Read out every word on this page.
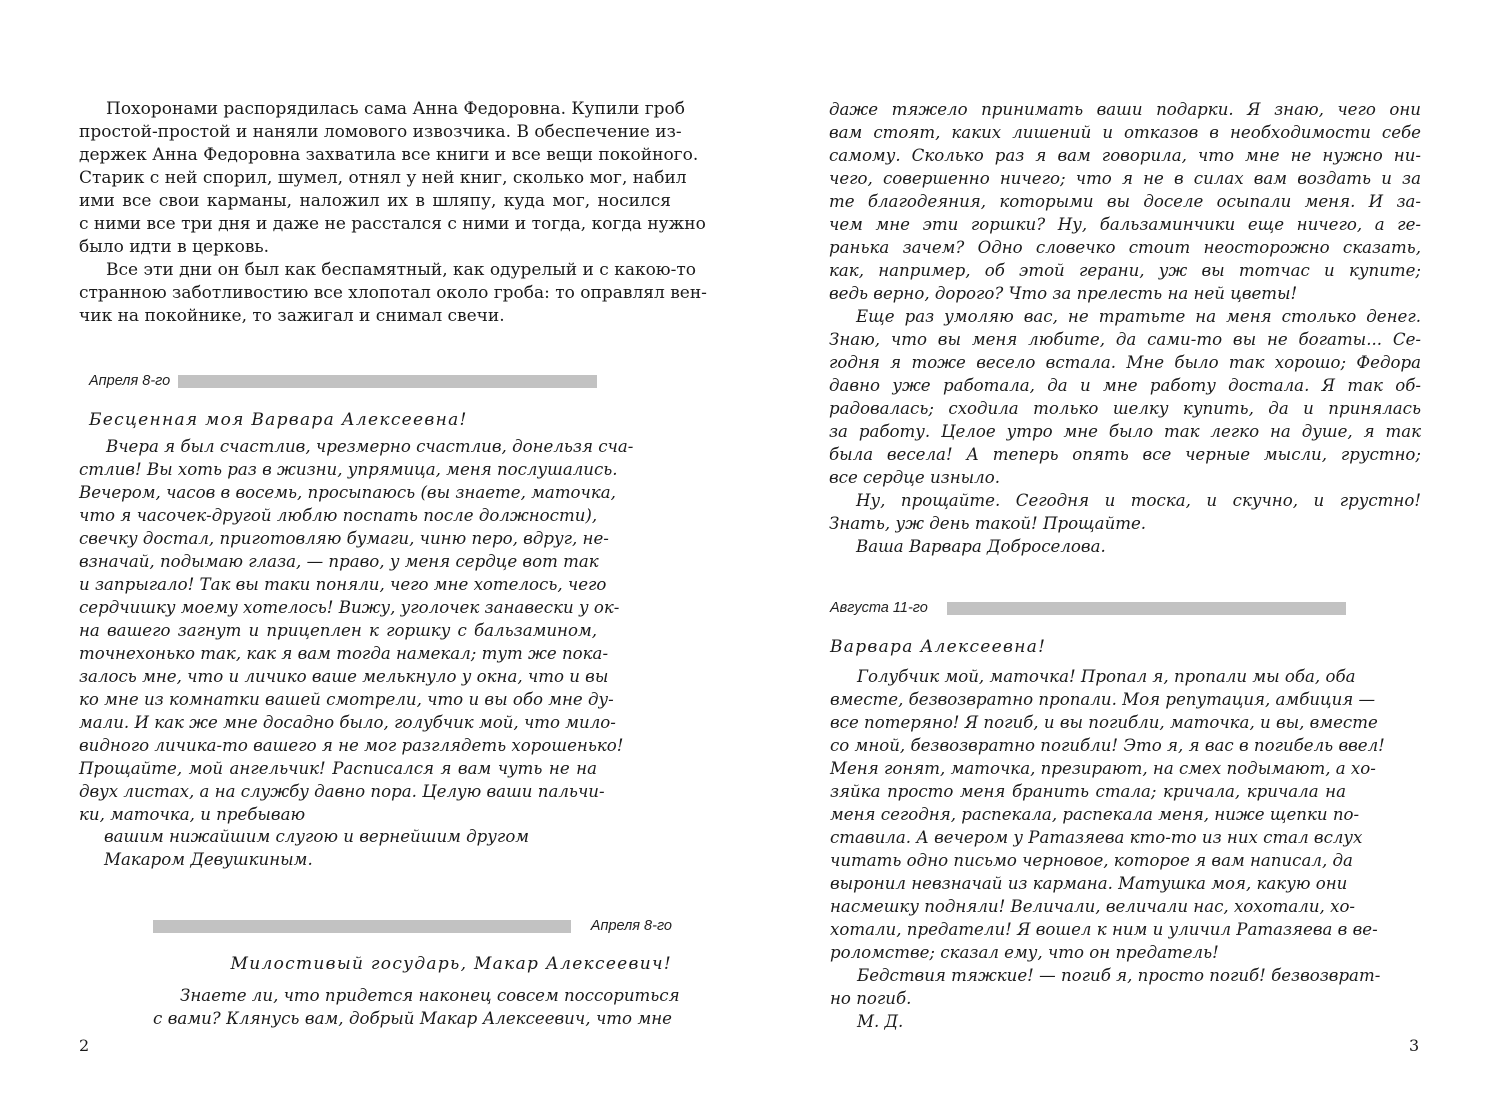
Похоронами распорядилась сама Анна Федоровна. Купили гроб
простой-простой и наняли ломового извозчика. В обеспечение из-
держек Анна Федоровна захватила все книги и все вещи покойного.
Старик с ней спорил, шумел, отнял у ней книг, сколько мог, набил
ими все свои карманы, наложил их в шляпу, куда мог, носился
с ними все три дня и даже не расстался с ними и тогда, когда нужно
было идти в церковь.
Все эти дни он был как беспамятный, как одурелый и с какою-то
странною заботливостию все хлопотал около гроба: то оправлял вен-
чик на покойнике, то зажигал и снимал свечи.
Апреля 8-го
Бесценная моя Варвара Алексеевна!
Вчера я был счастлив, чрезмерно счастлив, донельзя сча-
стлив! Вы хоть раз в жизни, упрямица, меня послушались.
Вечером, часов в восемь, просыпаюсь (вы знаете, маточка,
что я часочек-другой люблю поспать после должности),
свечку достал, приготовляю бумаги, чиню перо, вдруг, не-
взначай, подымаю глаза, — право, у меня сердце вот так
и запрыгало! Так вы таки поняли, чего мне хотелось, чего
сердчишку моему хотелось! Вижу, уголочек занавески у ок-
на вашего загнут и прицеплен к горшку с бальзамином,
точнехонько так, как я вам тогда намекал; тут же пока-
залось мне, что и личико ваше мелькнуло у окна, что и вы
ко мне из комнатки вашей смотрели, что и вы обо мне ду-
мали. И как же мне досадно было, голубчик мой, что мило-
видного личика-то вашего я не мог разглядеть хорошенько!
Прощайте, мой ангельчик! Расписался я вам чуть не на
двух листах, а на службу давно пора. Целую ваши пальчи-
ки, маточка, и пребываю
вашим нижайшим слугою и вернейшим другом
Макаром Девушкиным.
Апреля 8-го
Милостивый государь, Макар Алексеевич!
Знаете ли, что придется наконец совсем поссориться
с вами? Клянусь вам, добрый Макар Алексеевич, что мне
2
даже тяжело принимать ваши подарки. Я знаю, чего они
вам стоят, каких лишений и отказов в необходимости себе
самому. Сколько раз я вам говорила, что мне не нужно ни-
чего, совершенно ничего; что я не в силах вам воздать и за
те благодеяния, которыми вы доселе осыпали меня. И за-
чем мне эти горшки? Ну, бальзаминчики еще ничего, а ге-
ранька зачем? Одно словечко стоит неосторожно сказать,
как, например, об этой герани, уж вы тотчас и купите;
ведь верно, дорого? Что за прелесть на ней цветы!
Еще раз умоляю вас, не тратьте на меня столько денег.
Знаю, что вы меня любите, да сами-то вы не богаты... Се-
годня я тоже весело встала. Мне было так хорошо; Федора
давно уже работала, да и мне работу достала. Я так об-
радовалась; сходила только шелку купить, да и принялась
за работу. Целое утро мне было так легко на душе, я так
была весела! А теперь опять все черные мысли, грустно;
все сердце изныло.
Ну, прощайте. Сегодня и тоска, и скучно, и грустно!
Знать, уж день такой! Прощайте.
Ваша Варвара Доброселова.
Августа 11-го
Варвара Алексеевна!
Голубчик мой, маточка! Пропал я, пропали мы оба, оба
вместе, безвозвратно пропали. Моя репутация, амбиция —
все потеряно! Я погиб, и вы погибли, маточка, и вы, вместе
со мной, безвозвратно погибли! Это я, я вас в погибель ввел!
Меня гонят, маточка, презирают, на смех подымают, а хо-
зяйка просто меня бранить стала; кричала, кричала на
меня сегодня, распекала, распекала меня, ниже щепки по-
ставила. А вечером у Ратазяева кто-то из них стал вслух
читать одно письмо черновое, которое я вам написал, да
выронил невзначай из кармана. Матушка моя, какую они
насмешку подняли! Величали, величали нас, хохотали, хо-
хотали, предатели! Я вошел к ним и уличил Ратазяева в ве-
роломстве; сказал ему, что он предатель!
Бедствия тяжкие! — погиб я, просто погиб! безвозврат-
но погиб.
М. Д.
3
